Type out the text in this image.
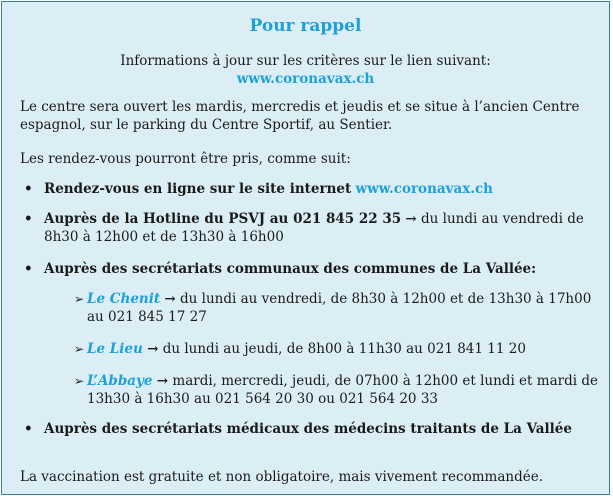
Pour rappel
Informations à jour sur les critères sur le lien suivant:
www.coronavax.ch
Le centre sera ouvert les mardis, mercredis et jeudis et se situe à l’ancien Centre espagnol, sur le parking du Centre Sportif, au Sentier.
Les rendez-vous pourront être pris, comme suit:
• Rendez-vous en ligne sur le site internet www.coronavax.ch
• Auprès de la Hotline du PSVJ au 021 845 22 35 → du lundi au vendredi de 8h30 à 12h00 et de 13h30 à 16h00
• Auprès des secrétariats communaux des communes de La Vallée:
➢ Le Chenit → du lundi au vendredi, de 8h30 à 12h00 et de 13h30 à 17h00 au 021 845 17 27
➢ Le Lieu → du lundi au jeudi, de 8h00 à 11h30 au 021 841 11 20
➢ L’Abbaye → mardi, mercredi, jeudi, de 07h00 à 12h00 et lundi et mardi de 13h30 à 16h30 au 021 564 20 30 ou 021 564 20 33
• Auprès des secrétariats médicaux des médecins traitants de La Vallée
La vaccination est gratuite et non obligatoire, mais vivement recommandée.
